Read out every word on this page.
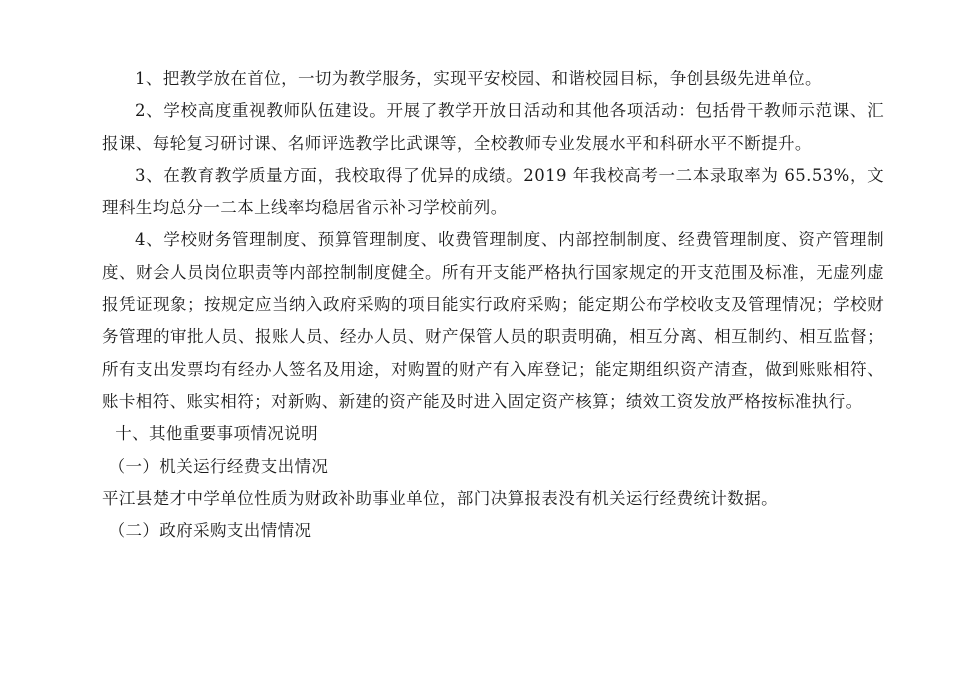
1、把教学放在首位，一切为教学服务，实现平安校园、和谐校园目标，争创县级先进单位。

2、学校高度重视教师队伍建设。开展了教学开放日活动和其他各项活动：包括骨干教师示范课、汇报课、每轮复习研讨课、名师评选教学比武课等，全校教师专业发展水平和科研水平不断提升。

3、在教育教学质量方面，我校取得了优异的成绩。2019 年我校高考一二本录取率为 65.53%，文理科生均总分一二本上线率均稳居省示补习学校前列。

4、学校财务管理制度、预算管理制度、收费管理制度、内部控制制度、经费管理制度、资产管理制度、财会人员岗位职责等内部控制制度健全。所有开支能严格执行国家规定的开支范围及标准，无虚列虚报凭证现象；按规定应当纳入政府采购的项目能实行政府采购；能定期公布学校收支及管理情况；学校财务管理的审批人员、报账人员、经办人员、财产保管人员的职责明确，相互分离、相互制约、相互监督；所有支出发票均有经办人签名及用途，对购置的财产有入库登记；能定期组织资产清查，做到账账相符、账卡相符、账实相符；对新购、新建的资产能及时进入固定资产核算；绩效工资发放严格按标准执行。

十、其他重要事项情况说明

（一）机关运行经费支出情况

平江县楚才中学单位性质为财政补助事业单位，部门决算报表没有机关运行经费统计数据。

（二）政府采购支出情情况
